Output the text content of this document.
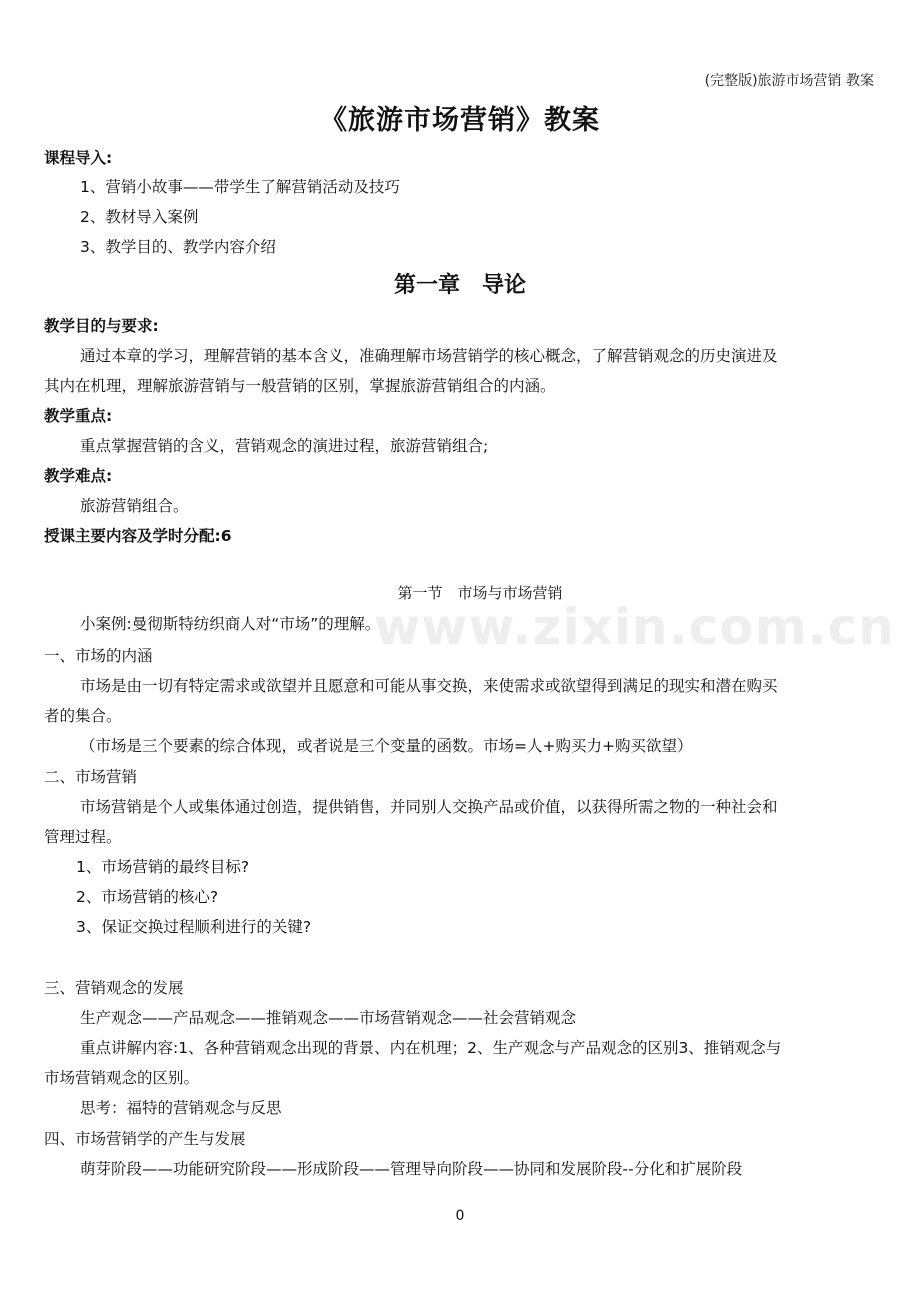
(完整版)旅游市场营销 教案
《旅游市场营销》教案
课程导入:
1、营销小故事——带学生了解营销活动及技巧
2、教材导入案例
3、教学目的、教学内容介绍
第一章　导论
教学目的与要求:
通过本章的学习，理解营销的基本含义，准确理解市场营销学的核心概念，了解营销观念的历史演进及
其内在机理，理解旅游营销与一般营销的区别，掌握旅游营销组合的内涵。
教学重点:
重点掌握营销的含义，营销观念的演进过程，旅游营销组合;
教学难点:
旅游营销组合。
授课主要内容及学时分配:6
第一节　市场与市场营销
www.zixin.com.cn
小案例:曼彻斯特纺织商人对“市场”的理解。
一、市场的内涵
市场是由一切有特定需求或欲望并且愿意和可能从事交换，来使需求或欲望得到满足的现实和潜在购买
者的集合。
（市场是三个要素的综合体现，或者说是三个变量的函数。市场=人+购买力+购买欲望）
二、市场营销
市场营销是个人或集体通过创造，提供销售，并同别人交换产品或价值，以获得所需之物的一种社会和
管理过程。
1、市场营销的最终目标?
2、市场营销的核心?
3、保证交换过程顺利进行的关键?
三、营销观念的发展
生产观念——产品观念——推销观念——市场营销观念——社会营销观念
重点讲解内容:1、各种营销观念出现的背景、内在机理；2、生产观念与产品观念的区别3、推销观念与
市场营销观念的区别。
思考：福特的营销观念与反思
四、市场营销学的产生与发展
萌芽阶段——功能研究阶段——形成阶段——管理导向阶段——协同和发展阶段--分化和扩展阶段
0
